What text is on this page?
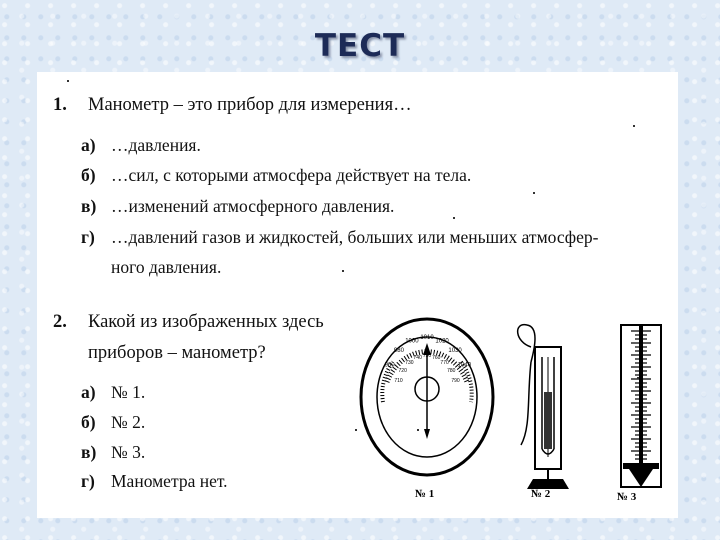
ТЕСТ
1. Манометр – это прибор для измерения…
а) …давления.
б) …сил, с которыми атмосфера действует на тела.
в) …изменений атмосферного давления.
г) …давлений газов и жидкостей, больших или меньших атмосфер-
ного давления.
2. Какой из изображенных здесь
приборов – манометр?
а) № 1.
б) № 2.
в) № 3.
г) Манометра нет.
960
980
1000
1010
1020
1030
1040
710
720
730
740 750 760
770
780
790
№ 1	№ 2	№ 3
